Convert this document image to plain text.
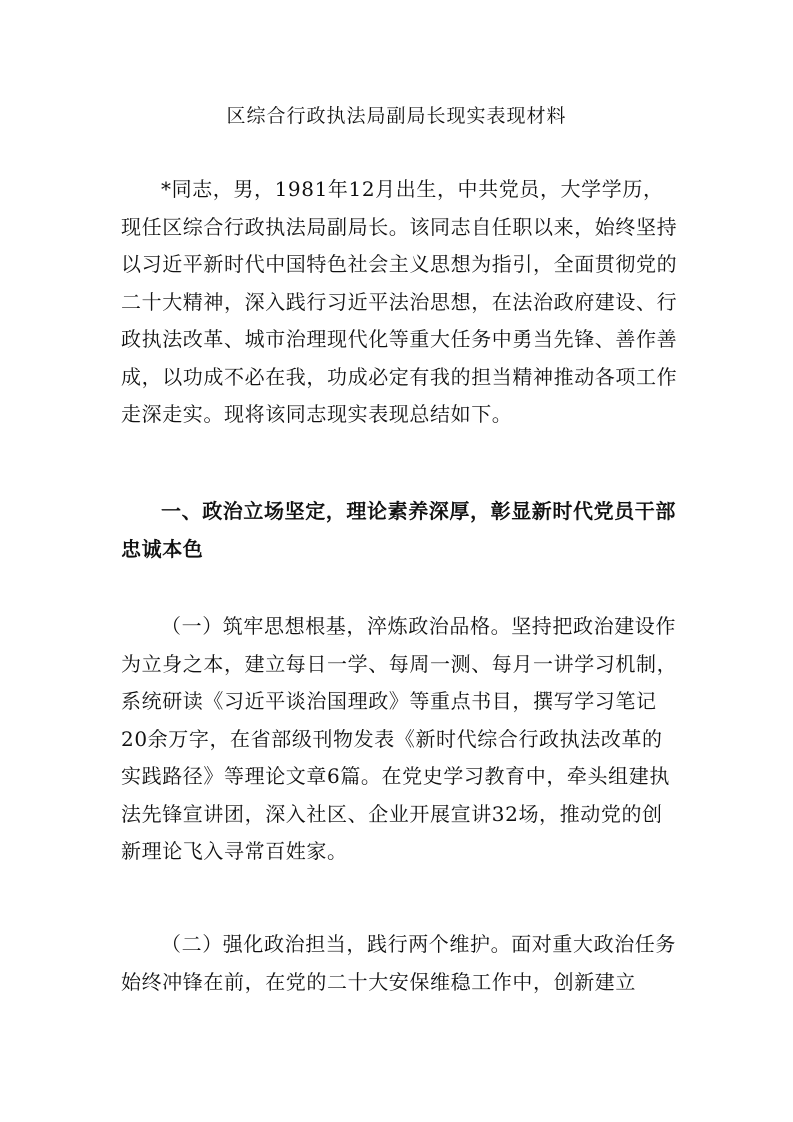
区综合行政执法局副局长现实表现材料

*同志，男，1981年12月出生，中共党员，大学学历，现任区综合行政执法局副局长。该同志自任职以来，始终坚持以习近平新时代中国特色社会主义思想为指引，全面贯彻党的二十大精神，深入践行习近平法治思想，在法治政府建设、行政执法改革、城市治理现代化等重大任务中勇当先锋、善作善成，以功成不必在我，功成必定有我的担当精神推动各项工作走深走实。现将该同志现实表现总结如下。

一、政治立场坚定，理论素养深厚，彰显新时代党员干部忠诚本色

（一）筑牢思想根基，淬炼政治品格。坚持把政治建设作为立身之本，建立每日一学、每周一测、每月一讲学习机制，系统研读《习近平谈治国理政》等重点书目，撰写学习笔记20余万字，在省部级刊物发表《新时代综合行政执法改革的实践路径》等理论文章6篇。在党史学习教育中，牵头组建执法先锋宣讲团，深入社区、企业开展宣讲32场，推动党的创新理论飞入寻常百姓家。

（二）强化政治担当，践行两个维护。面对重大政治任务始终冲锋在前，在党的二十大安保维稳工作中，创新建立
